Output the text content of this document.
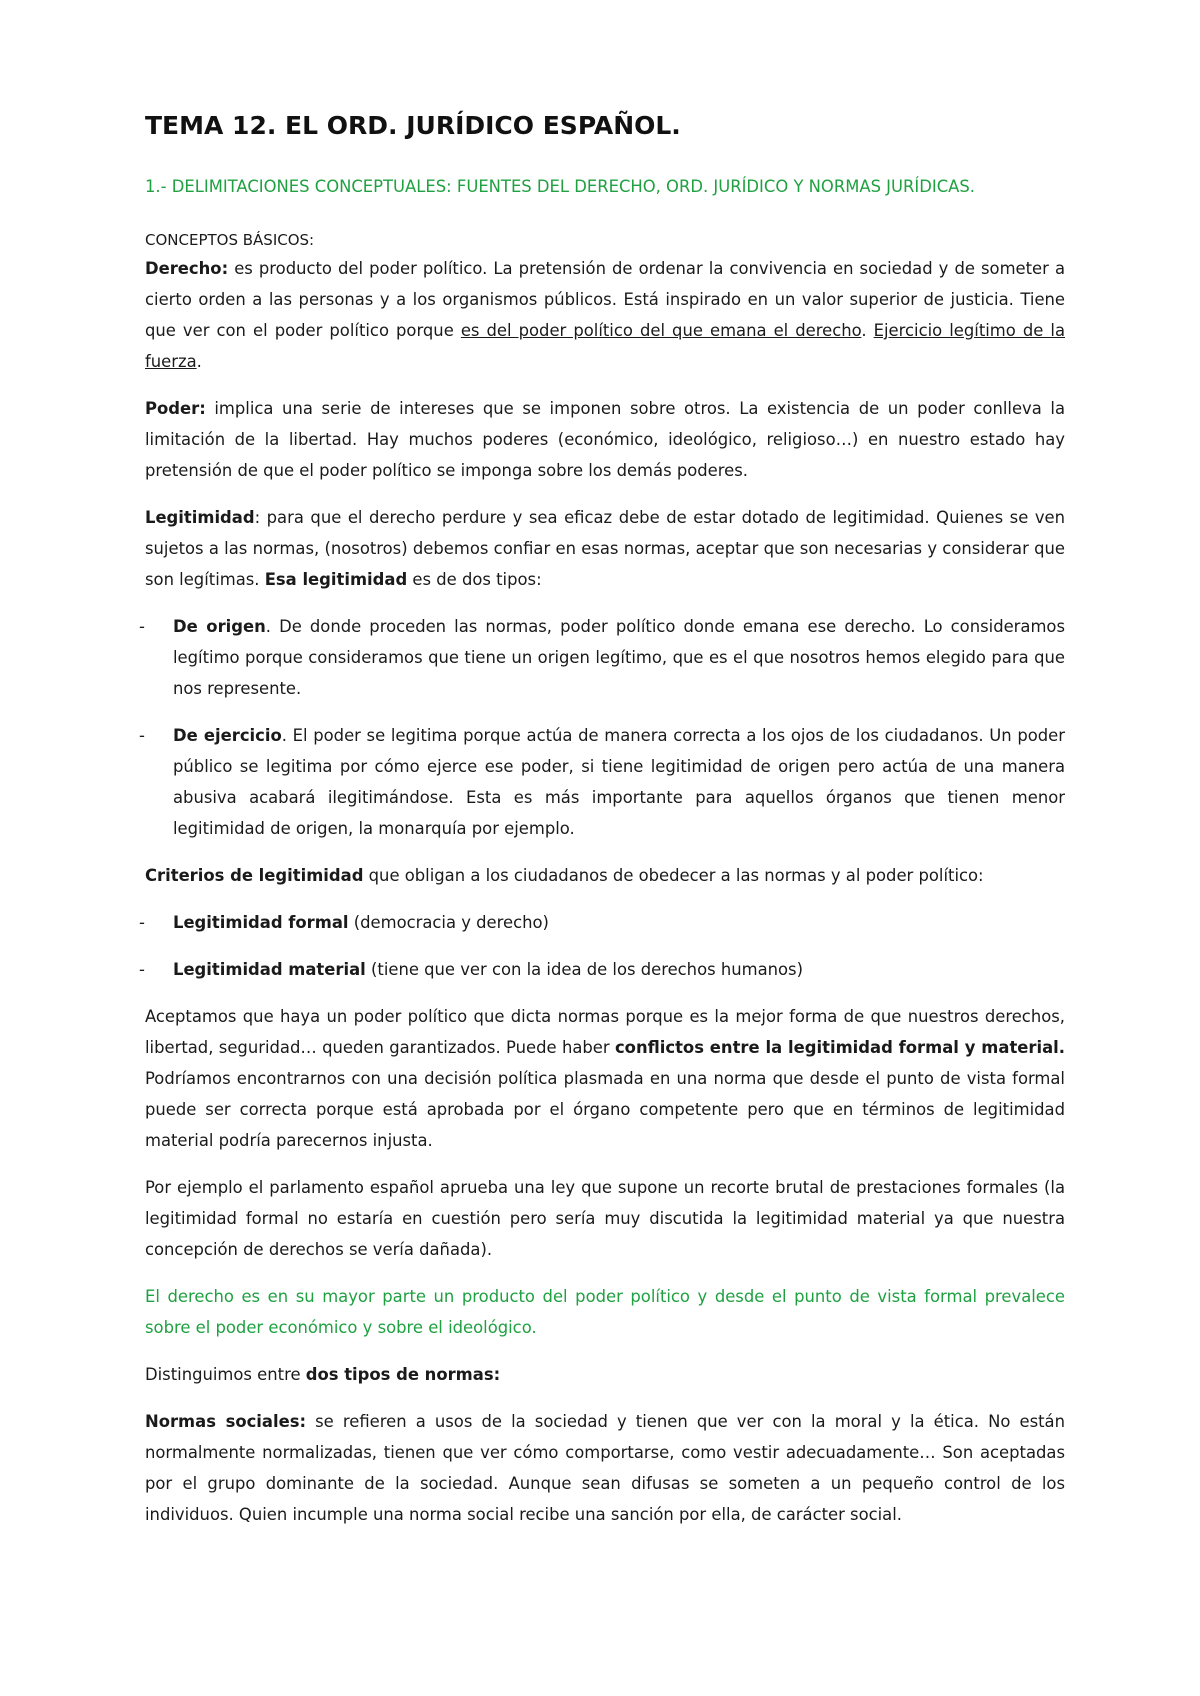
TEMA 12. EL ORD. JURÍDICO ESPAÑOL.
1.- DELIMITACIONES CONCEPTUALES: FUENTES DEL DERECHO, ORD. JURÍDICO Y NORMAS JURÍDICAS.
CONCEPTOS BÁSICOS:

Derecho: es producto del poder político. La pretensión de ordenar la convivencia en sociedad y de someter a cierto orden a las personas y a los organismos públicos. Está inspirado en un valor superior de justicia. Tiene que ver con el poder político porque es del poder político del que emana el derecho. Ejercicio legítimo de la fuerza.

Poder: implica una serie de intereses que se imponen sobre otros. La existencia de un poder conlleva la limitación de la libertad. Hay muchos poderes (económico, ideológico, religioso…) en nuestro estado hay pretensión de que el poder político se imponga sobre los demás poderes.

Legitimidad: para que el derecho perdure y sea eficaz debe de estar dotado de legitimidad. Quienes se ven sujetos a las normas, (nosotros) debemos confiar en esas normas, aceptar que son necesarias y considerar que son legítimas. Esa legitimidad es de dos tipos:

- De origen. De donde proceden las normas, poder político donde emana ese derecho. Lo consideramos legítimo porque consideramos que tiene un origen legítimo, que es el que nosotros hemos elegido para que nos represente.

- De ejercicio. El poder se legitima porque actúa de manera correcta a los ojos de los ciudadanos. Un poder público se legitima por cómo ejerce ese poder, si tiene legitimidad de origen pero actúa de una manera abusiva acabará ilegitimándose. Esta es más importante para aquellos órganos que tienen menor legitimidad de origen, la monarquía por ejemplo.

Criterios de legitimidad que obligan a los ciudadanos de obedecer a las normas y al poder político:

- Legitimidad formal (democracia y derecho)

- Legitimidad material (tiene que ver con la idea de los derechos humanos)

Aceptamos que haya un poder político que dicta normas porque es la mejor forma de que nuestros derechos, libertad, seguridad… queden garantizados. Puede haber conflictos entre la legitimidad formal y material. Podríamos encontrarnos con una decisión política plasmada en una norma que desde el punto de vista formal puede ser correcta porque está aprobada por el órgano competente pero que en términos de legitimidad material podría parecernos injusta.

Por ejemplo el parlamento español aprueba una ley que supone un recorte brutal de prestaciones formales (la legitimidad formal no estaría en cuestión pero sería muy discutida la legitimidad material ya que nuestra concepción de derechos se vería dañada).

El derecho es en su mayor parte un producto del poder político y desde el punto de vista formal prevalece sobre el poder económico y sobre el ideológico.

Distinguimos entre dos tipos de normas:

Normas sociales: se refieren a usos de la sociedad y tienen que ver con la moral y la ética. No están normalmente normalizadas, tienen que ver cómo comportarse, como vestir adecuadamente… Son aceptadas por el grupo dominante de la sociedad. Aunque sean difusas se someten a un pequeño control de los individuos. Quien incumple una norma social recibe una sanción por ella, de carácter social.
